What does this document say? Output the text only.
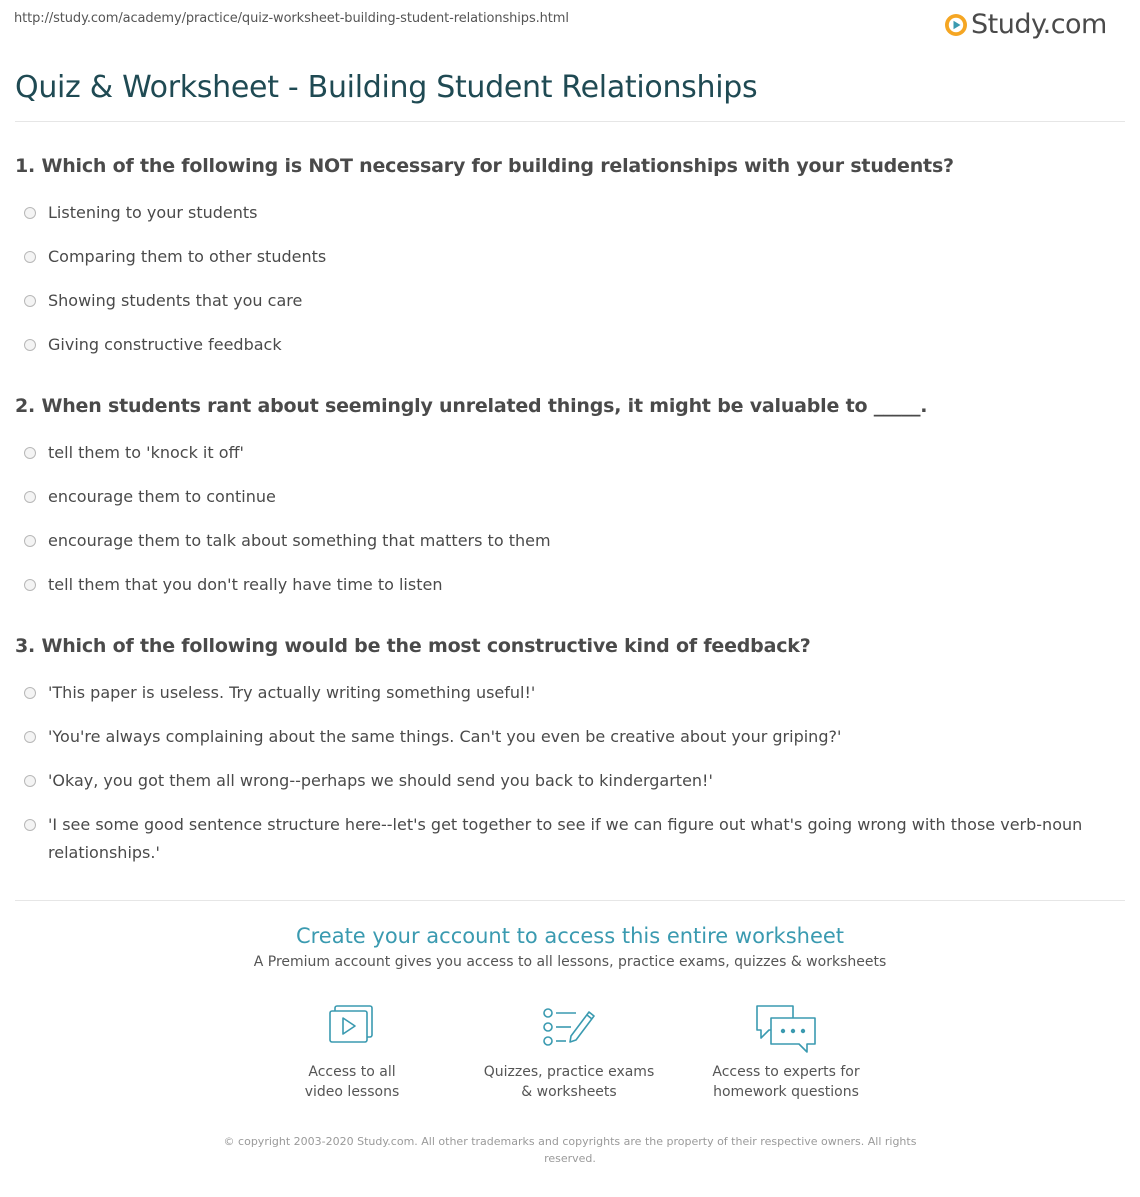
http://study.com/academy/practice/quiz-worksheet-building-student-relationships.html	Study.com
Quiz & Worksheet - Building Student Relationships
1. Which of the following is NOT necessary for building relationships with your students?
Listening to your students
Comparing them to other students
Showing students that you care
Giving constructive feedback
2. When students rant about seemingly unrelated things, it might be valuable to _____.
tell them to 'knock it off'
encourage them to continue
encourage them to talk about something that matters to them
tell them that you don't really have time to listen
3. Which of the following would be the most constructive kind of feedback?
'This paper is useless. Try actually writing something useful!'
'You're always complaining about the same things. Can't you even be creative about your griping?'
'Okay, you got them all wrong--perhaps we should send you back to kindergarten!'
'I see some good sentence structure here--let's get together to see if we can figure out what's going wrong with those verb-noun relationships.'
Create your account to access this entire worksheet
A Premium account gives you access to all lessons, practice exams, quizzes & worksheets
Access to all
video lessons
Quizzes, practice exams
& worksheets
Access to experts for
homework questions
© copyright 2003-2020 Study.com. All other trademarks and copyrights are the property of their respective owners. All rights reserved.
